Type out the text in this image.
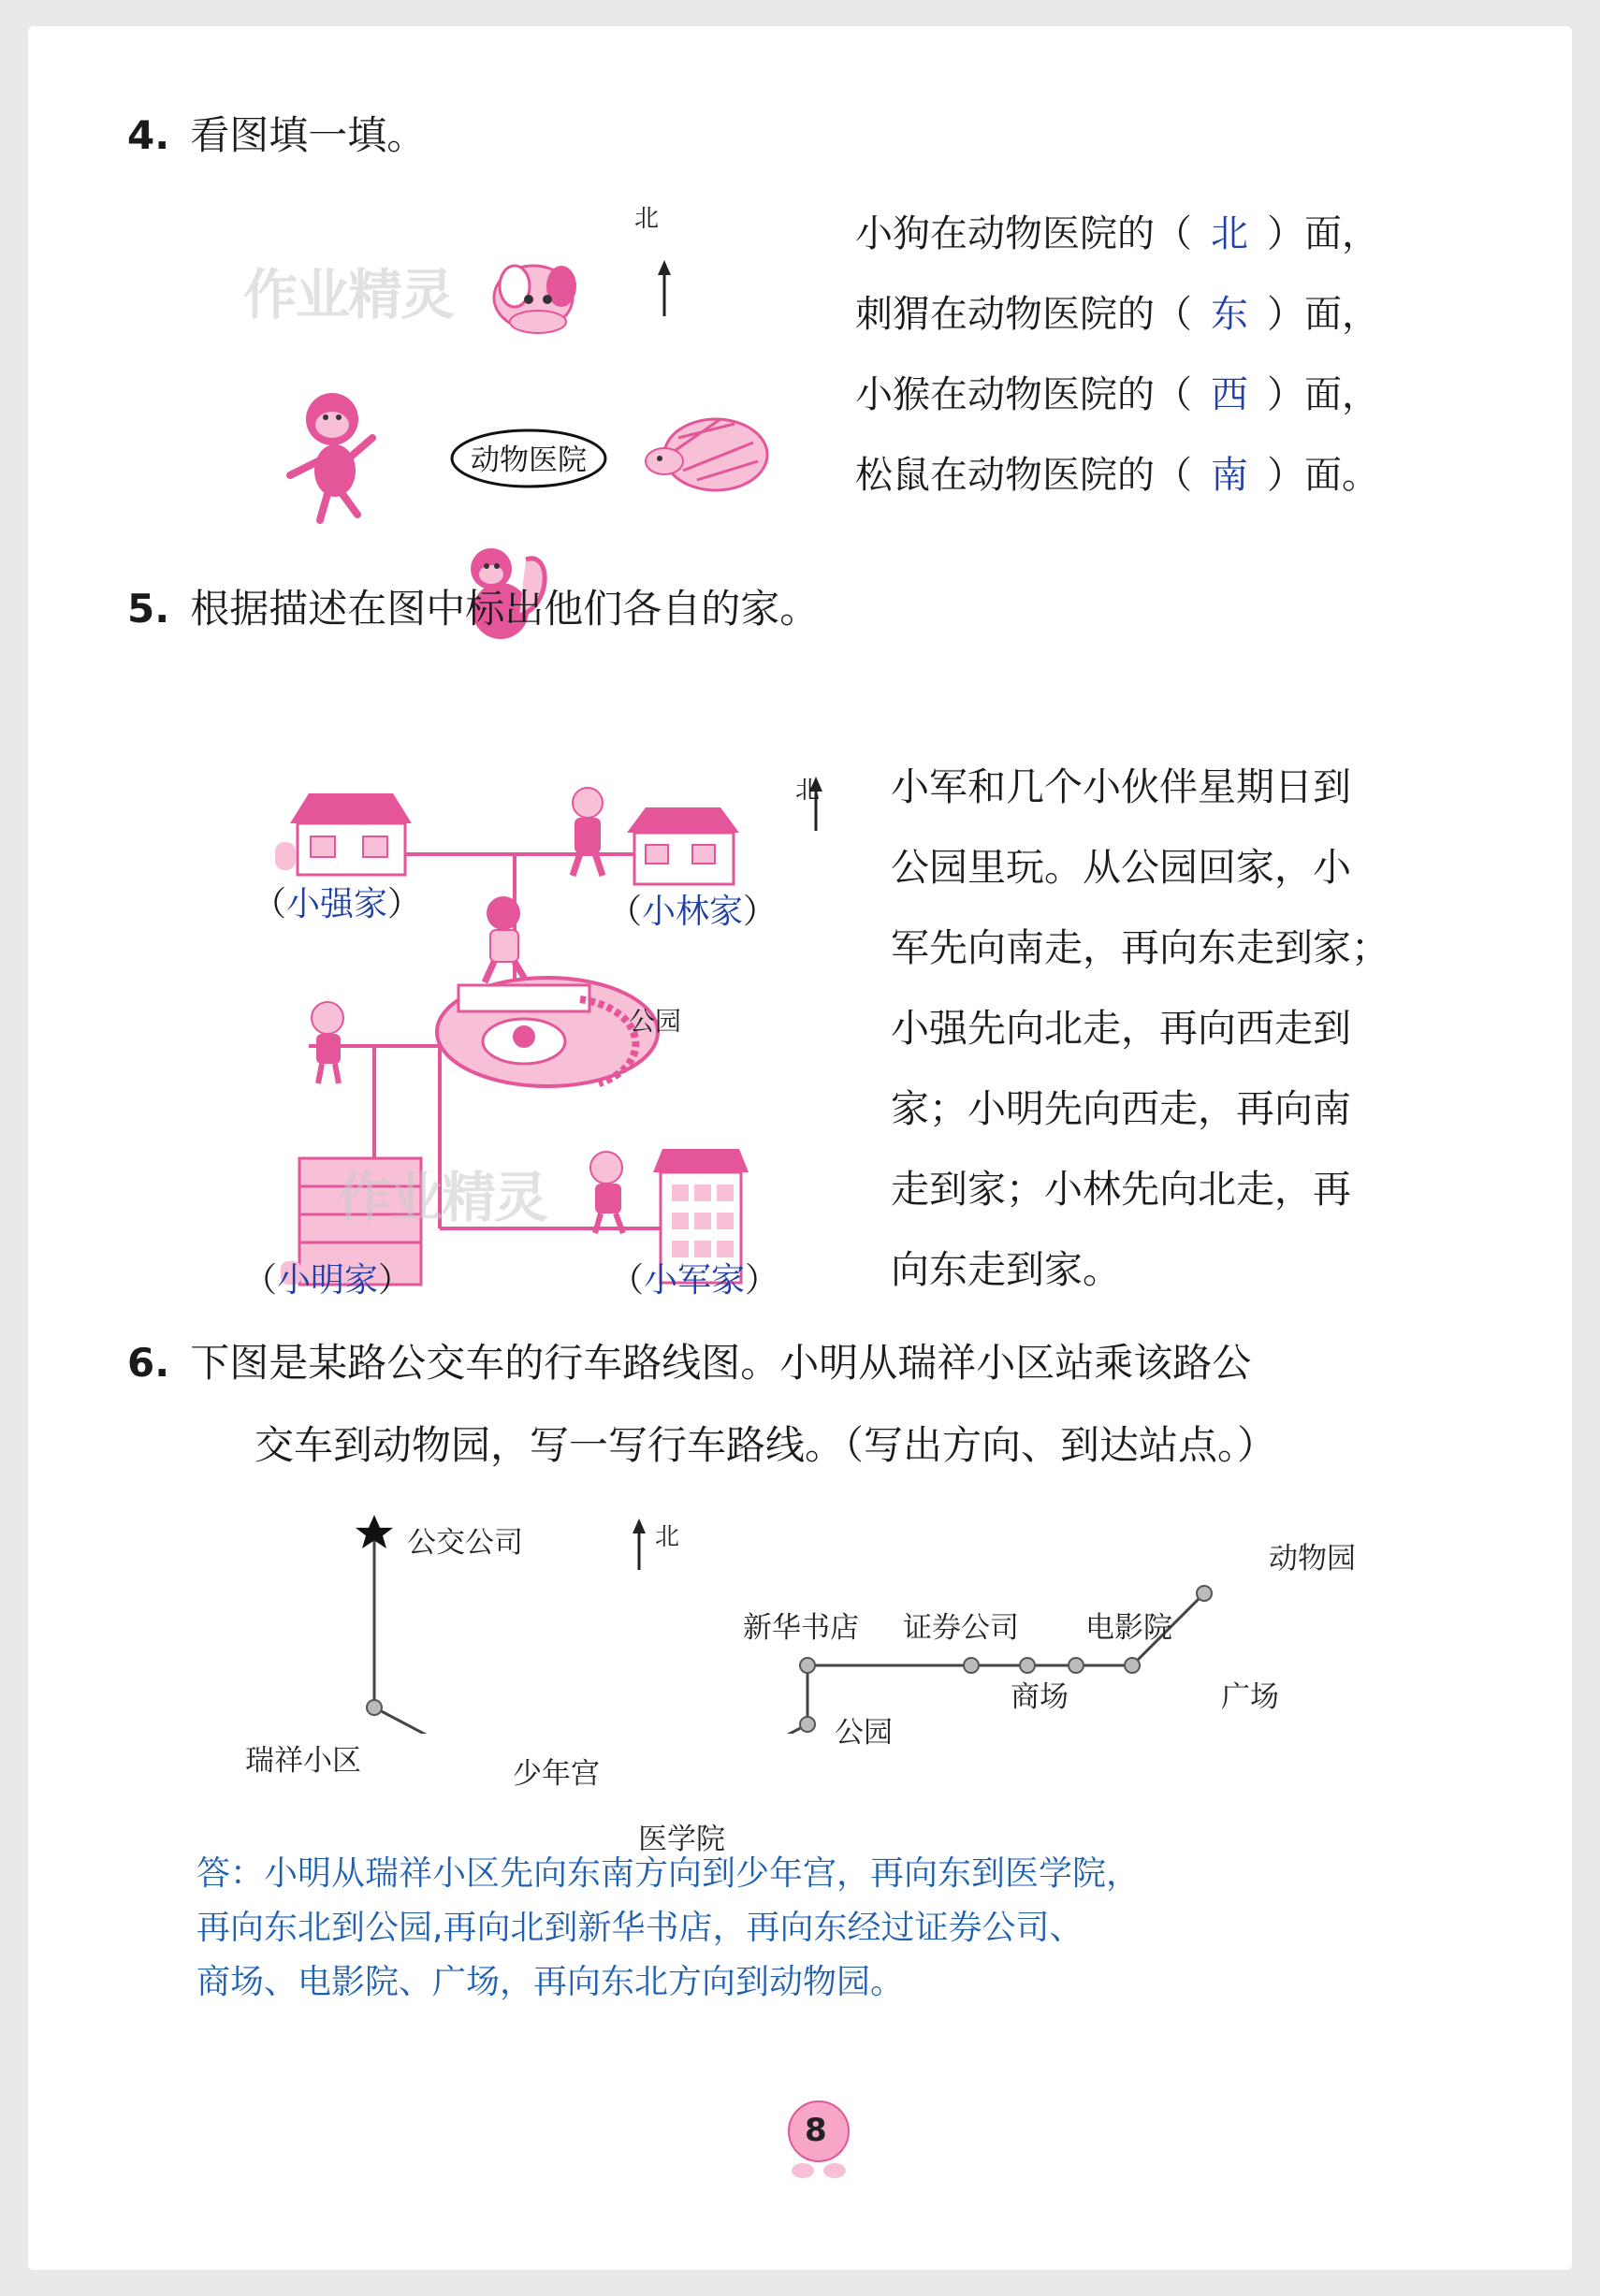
4. 看图填一填。
作业精灵
动物医院
北	小狗在动物医院的（ 北 ）面，
刺猬在动物医院的（ 东 ）面，
小猴在动物医院的（ 西 ）面，
松鼠在动物医院的（ 南 ）面。
5. 根据描述在图中标出他们各自的家。
北
公园
（小强家）	（小林家）
（小明家）	（小军家）
作业精灵
小军和几个小伙伴星期日到
公园里玩。从公园回家，小
军先向南走，再向东走到家；
小强先向北走，再向西走到
家；小明先向西走，再向南
走到家；小林先向北走，再
向东走到家。
6. 下图是某路公交车的行车路线图。小明从瑞祥小区站乘该路公
交车到动物园，写一写行车路线。（写出方向、到达站点。）
公交公司	北
瑞祥小区	少年宫
医学院
公园
新华书店 证券公司
商场
电影院
广场
动物园
答：小明从瑞祥小区先向东南方向到少年宫，再向东到医学院，
再向东北到公园,再向北到新华书店，再向东经过证券公司、
商场、电影院、广场，再向东北方向到动物园。
8
